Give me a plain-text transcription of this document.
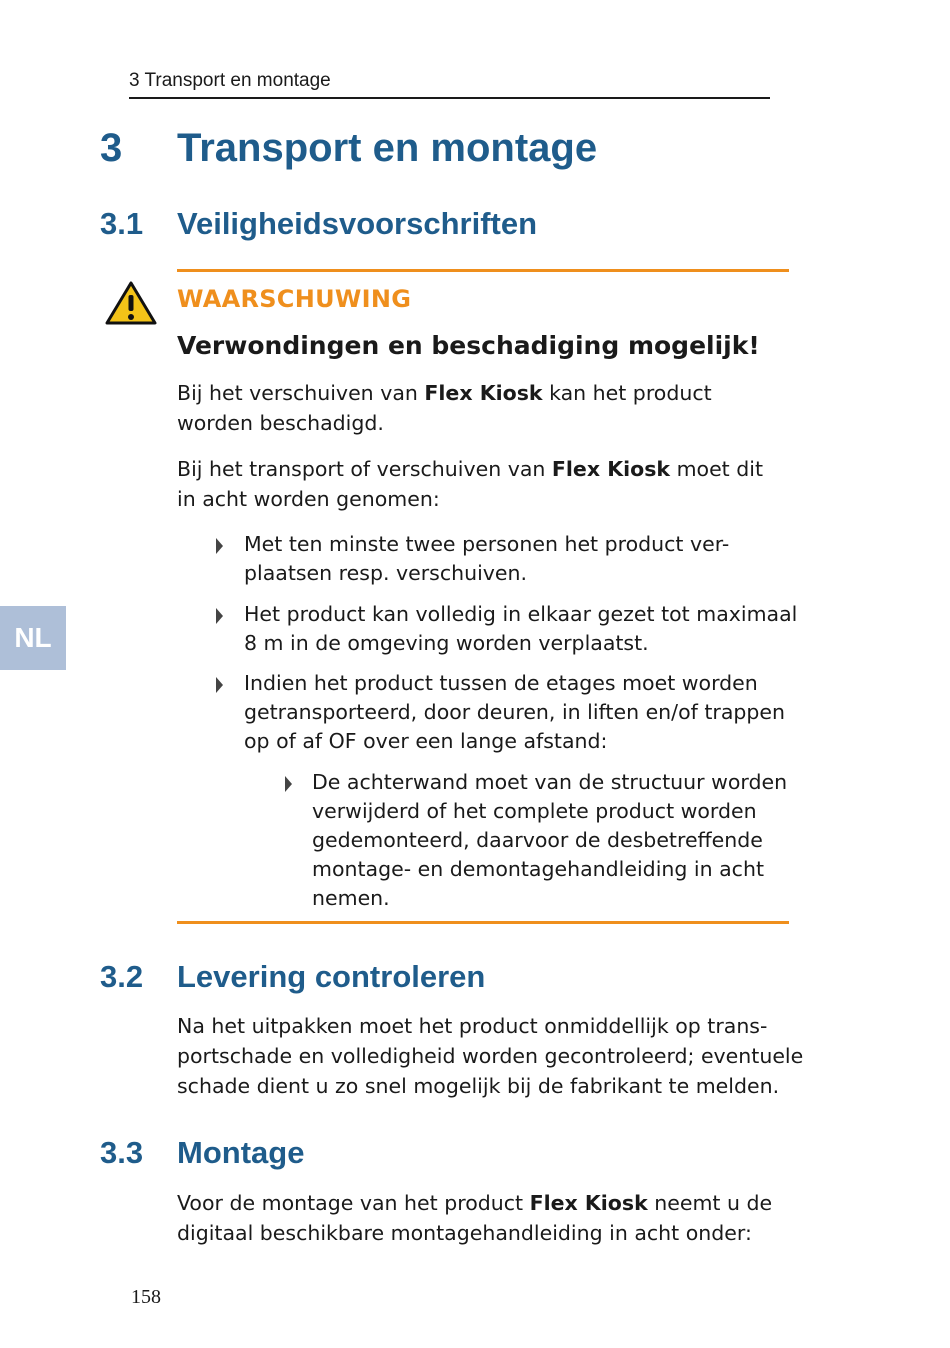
3 Transport en montage
3 Transport en montage
3.1 Veiligheidsvoorschriften
WAARSCHUWING
Verwondingen en beschadiging mogelijk!
Bij het verschuiven van Flex Kiosk kan het product worden beschadigd.
Bij het transport of verschuiven van Flex Kiosk moet dit in acht worden genomen:
Met ten minste twee personen het product ver-
plaatsen resp. verschuiven.
Het product kan volledig in elkaar gezet tot maximaal
8 m in de omgeving worden verplaatst.
Indien het product tussen de etages moet worden
getransporteerd, door deuren, in liften en/of trappen
op of af OF over een lange afstand:
De achterwand moet van de structuur worden
verwijderd of het complete product worden
gedemonteerd, daarvoor de desbetreffende
montage- en demontagehandleiding in acht
nemen.
3.2 Levering controleren
Na het uitpakken moet het product onmiddellijk op trans-
portschade en volledigheid worden gecontroleerd; eventuele
schade dient u zo snel mogelijk bij de fabrikant te melden.
3.3 Montage
Voor de montage van het product Flex Kiosk neemt u de digitaal beschikbare montagehandleiding in acht onder:
NL
158
